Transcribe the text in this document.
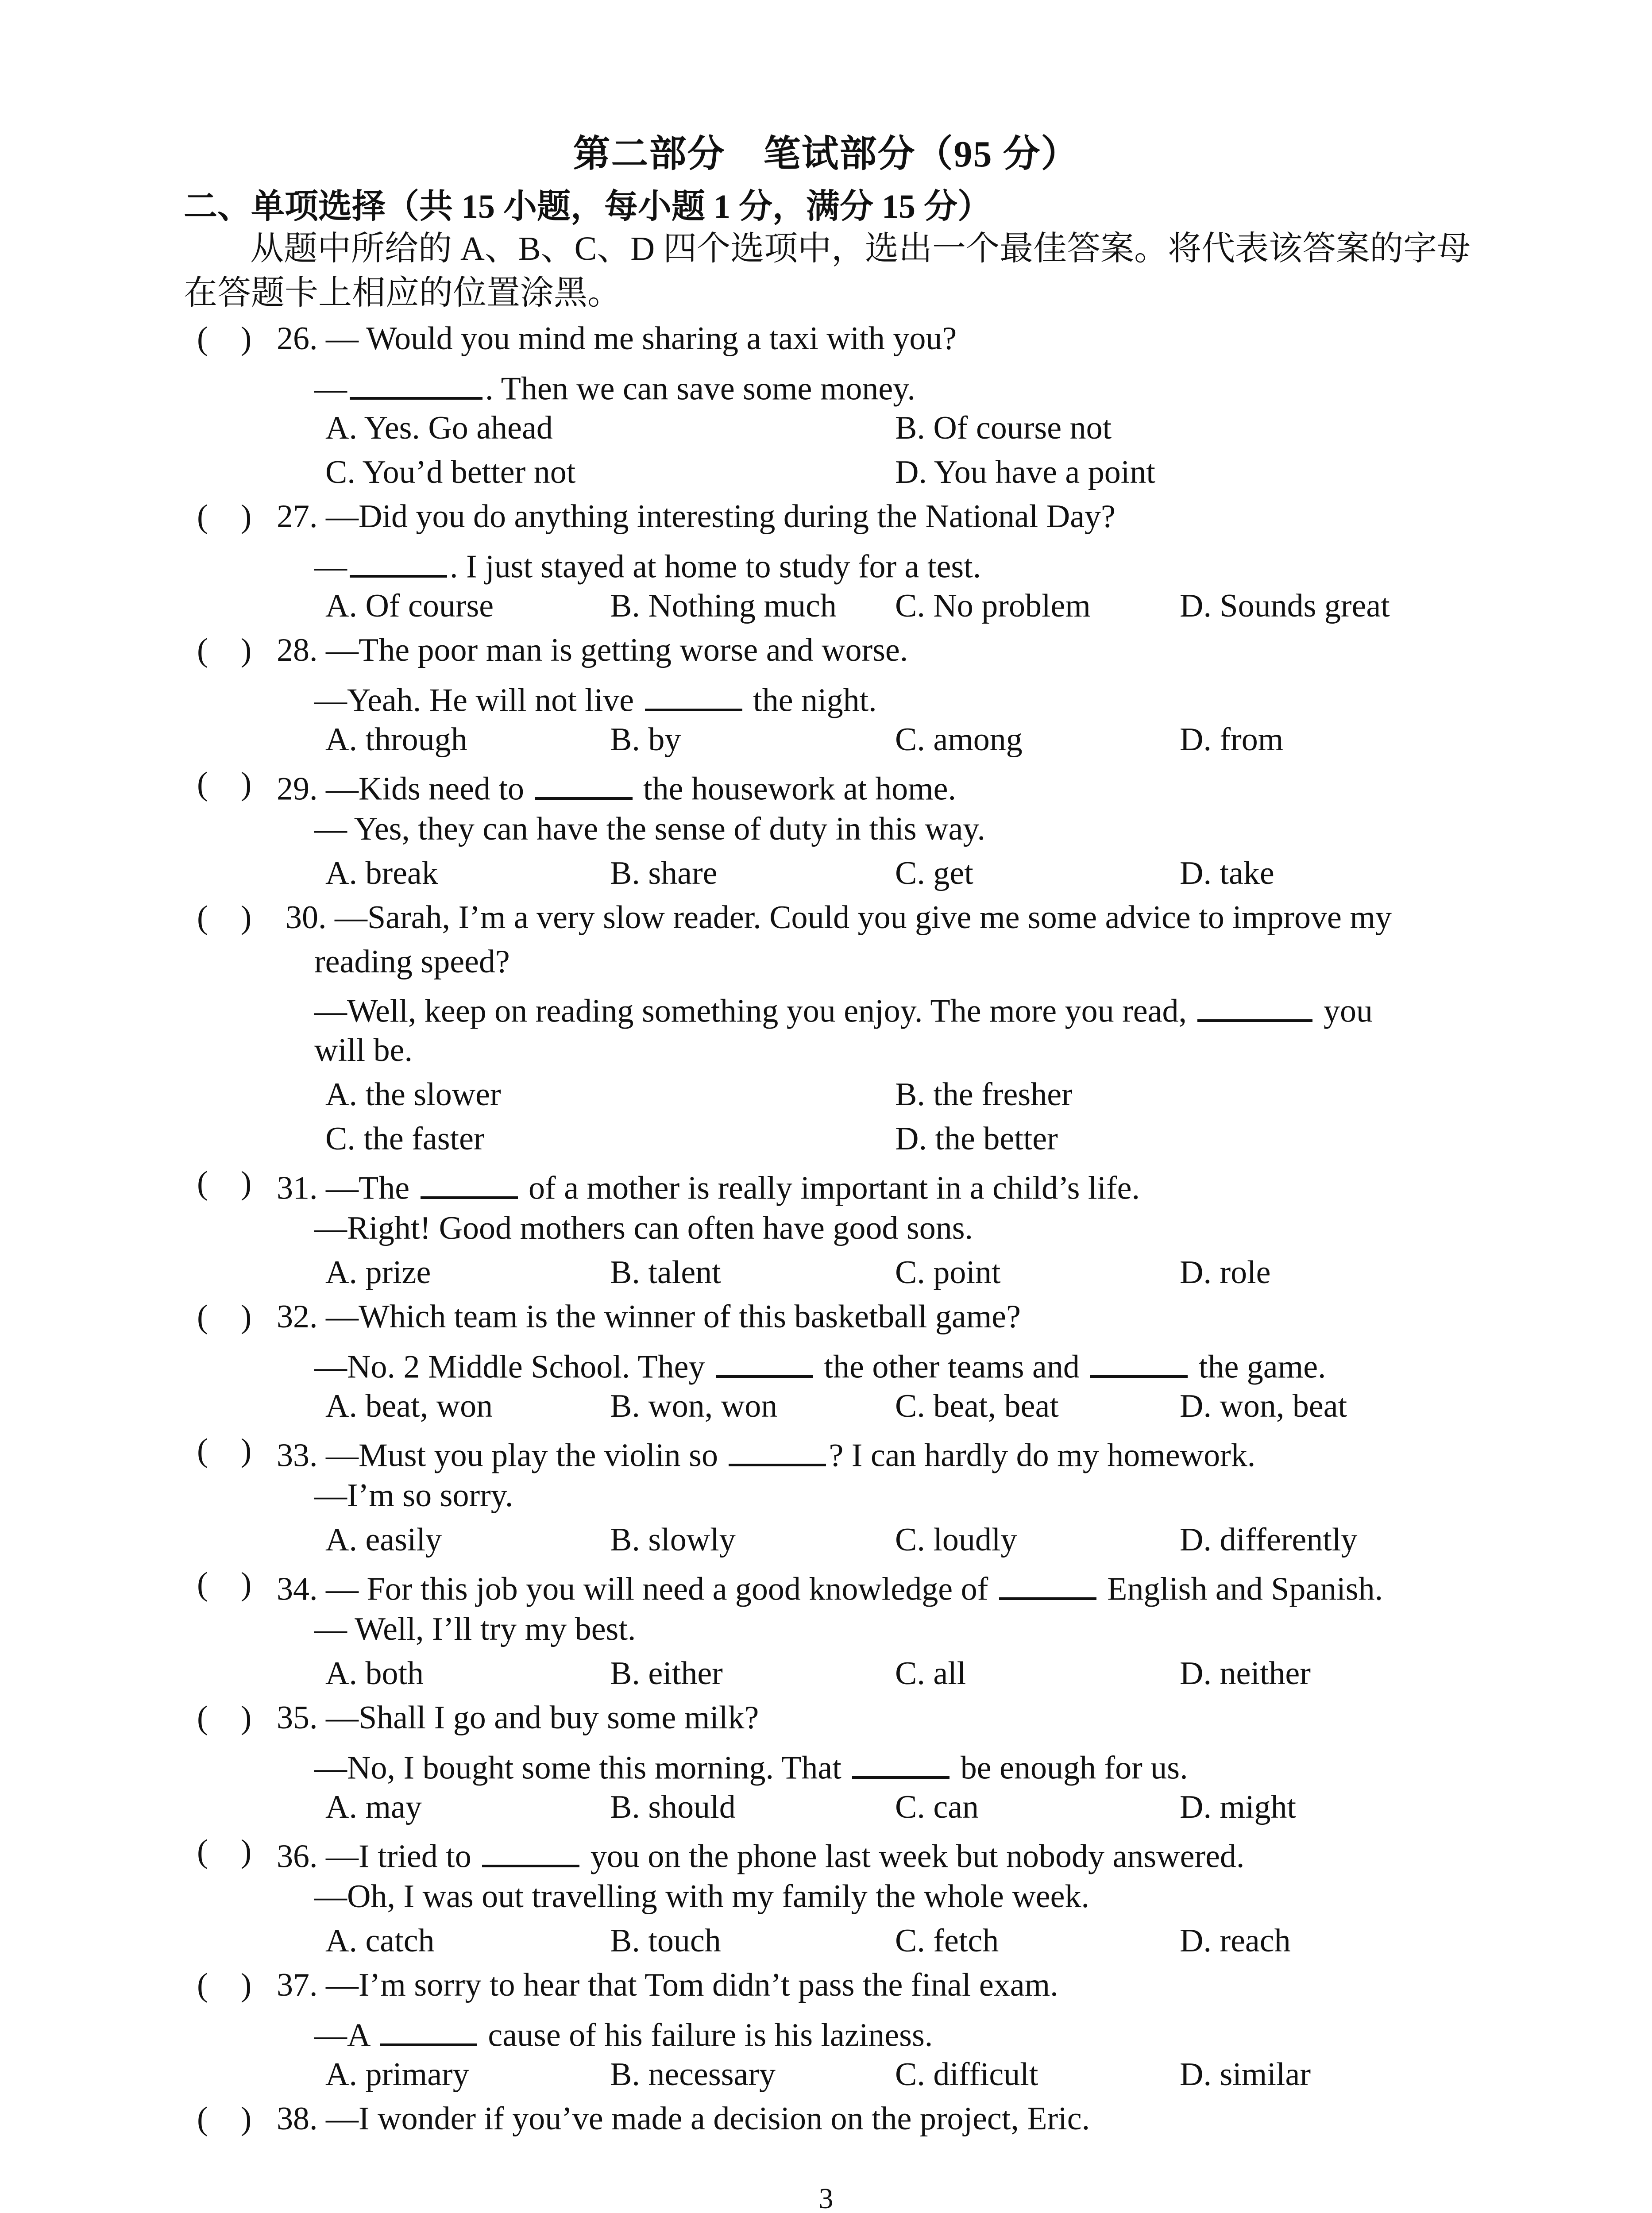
第二部分　笔试部分（95 分）
二、单项选择（共 15 小题，每小题 1 分，满分 15 分）
从题中所给的 A、B、C、D 四个选项中，选出一个最佳答案。将代表该答案的字母
在答题卡上相应的位置涂黑。
(    ) 26. — Would you mind me sharing a taxi with you?
—	. Then we can save some money.
A. Yes. Go ahead	B. Of course not
C. You’d better not	D. You have a point
(    ) 27. —Did you do anything interesting during the National Day?
—	. I just stayed at home to study for a test.
A. Of course	B. Nothing much C. No problem	D. Sounds great
(    ) 28. —The poor man is getting worse and worse.
—Yeah. He will not live	the night.
A. through	B. by	C. among	D. from
(    ) 29. —Kids need to	the housework at home.
— Yes, they can have the sense of duty in this way.
A. break	B. share	C. get	D. take
(    ) 30. —Sarah, I’m a very slow reader. Could you give me some advice to improve my
reading speed?
—Well, keep on reading something you enjoy. The more you read,	you
will be.
A. the slower	B. the fresher
C. the faster	D. the better
(    ) 31. —The	of a mother is really important in a child’s life.
—Right! Good mothers can often have good sons.
A. prize	B. talent	C. point	D. role
(    ) 32. —Which team is the winner of this basketball game?
—No. 2 Middle School. They	the other teams and	the game.
A. beat, won	B. won, won	C. beat, beat	D. won, beat
(    ) 33. —Must you play the violin so	? I can hardly do my homework.
—I’m so sorry.
A. easily	B. slowly	C. loudly	D. differently
(    ) 34. — For this job you will need a good knowledge of	English and Spanish.
— Well, I’ll try my best.
A. both	B. either	C. all	D. neither
(    ) 35. —Shall I go and buy some milk?
—No, I bought some this morning. That	be enough for us.
A. may	B. should	C. can	D. might
(    ) 36. —I tried to	you on the phone last week but nobody answered.
—Oh, I was out travelling with my family the whole week.
A. catch	B. touch	C. fetch	D. reach
(    ) 37. —I’m sorry to hear that Tom didn’t pass the final exam.
—A	cause of his failure is his laziness.
A. primary	B. necessary	C. difficult	D. similar
(    ) 38. —I wonder if you’ve made a decision on the project, Eric.
3
